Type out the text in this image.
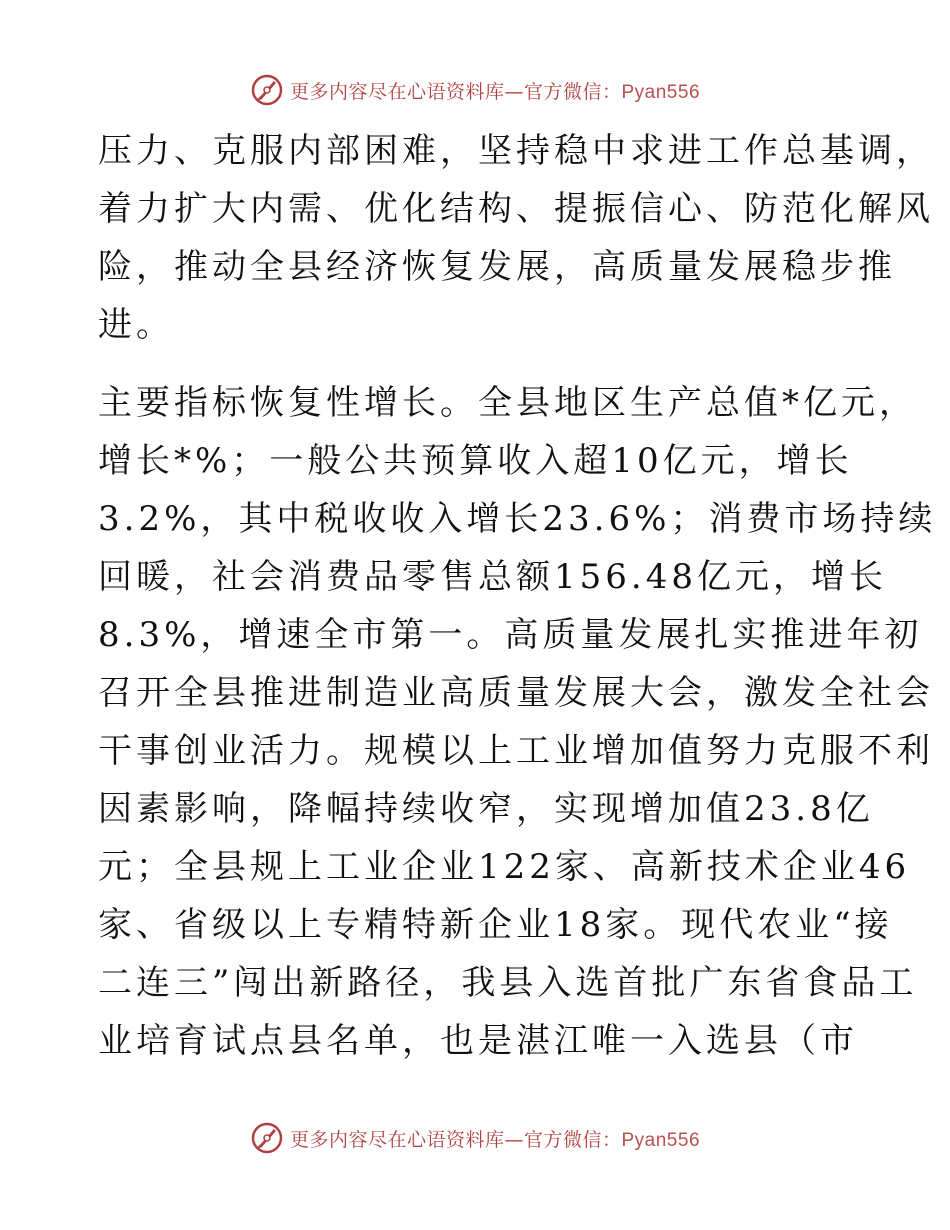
更多内容尽在心语资料库—官方微信：Pyan556
压力、克服内部困难，坚持稳中求进工作总基调，
着力扩大内需、优化结构、提振信心、防范化解风
险，推动全县经济恢复发展，高质量发展稳步推
进。
主要指标恢复性增长。全县地区生产总值*亿元，
增长*%；一般公共预算收入超10亿元，增长
3.2%，其中税收收入增长23.6%；消费市场持续
回暖，社会消费品零售总额156.48亿元，增长
8.3%，增速全市第一。高质量发展扎实推进年初
召开全县推进制造业高质量发展大会，激发全社会
干事创业活力。规模以上工业增加值努力克服不利
因素影响，降幅持续收窄，实现增加值23.8亿
元；全县规上工业企业122家、高新技术企业46
家、省级以上专精特新企业18家。现代农业“接
二连三”闯出新路径，我县入选首批广东省食品工
业培育试点县名单，也是湛江唯一入选县（市
更多内容尽在心语资料库—官方微信：Pyan556
